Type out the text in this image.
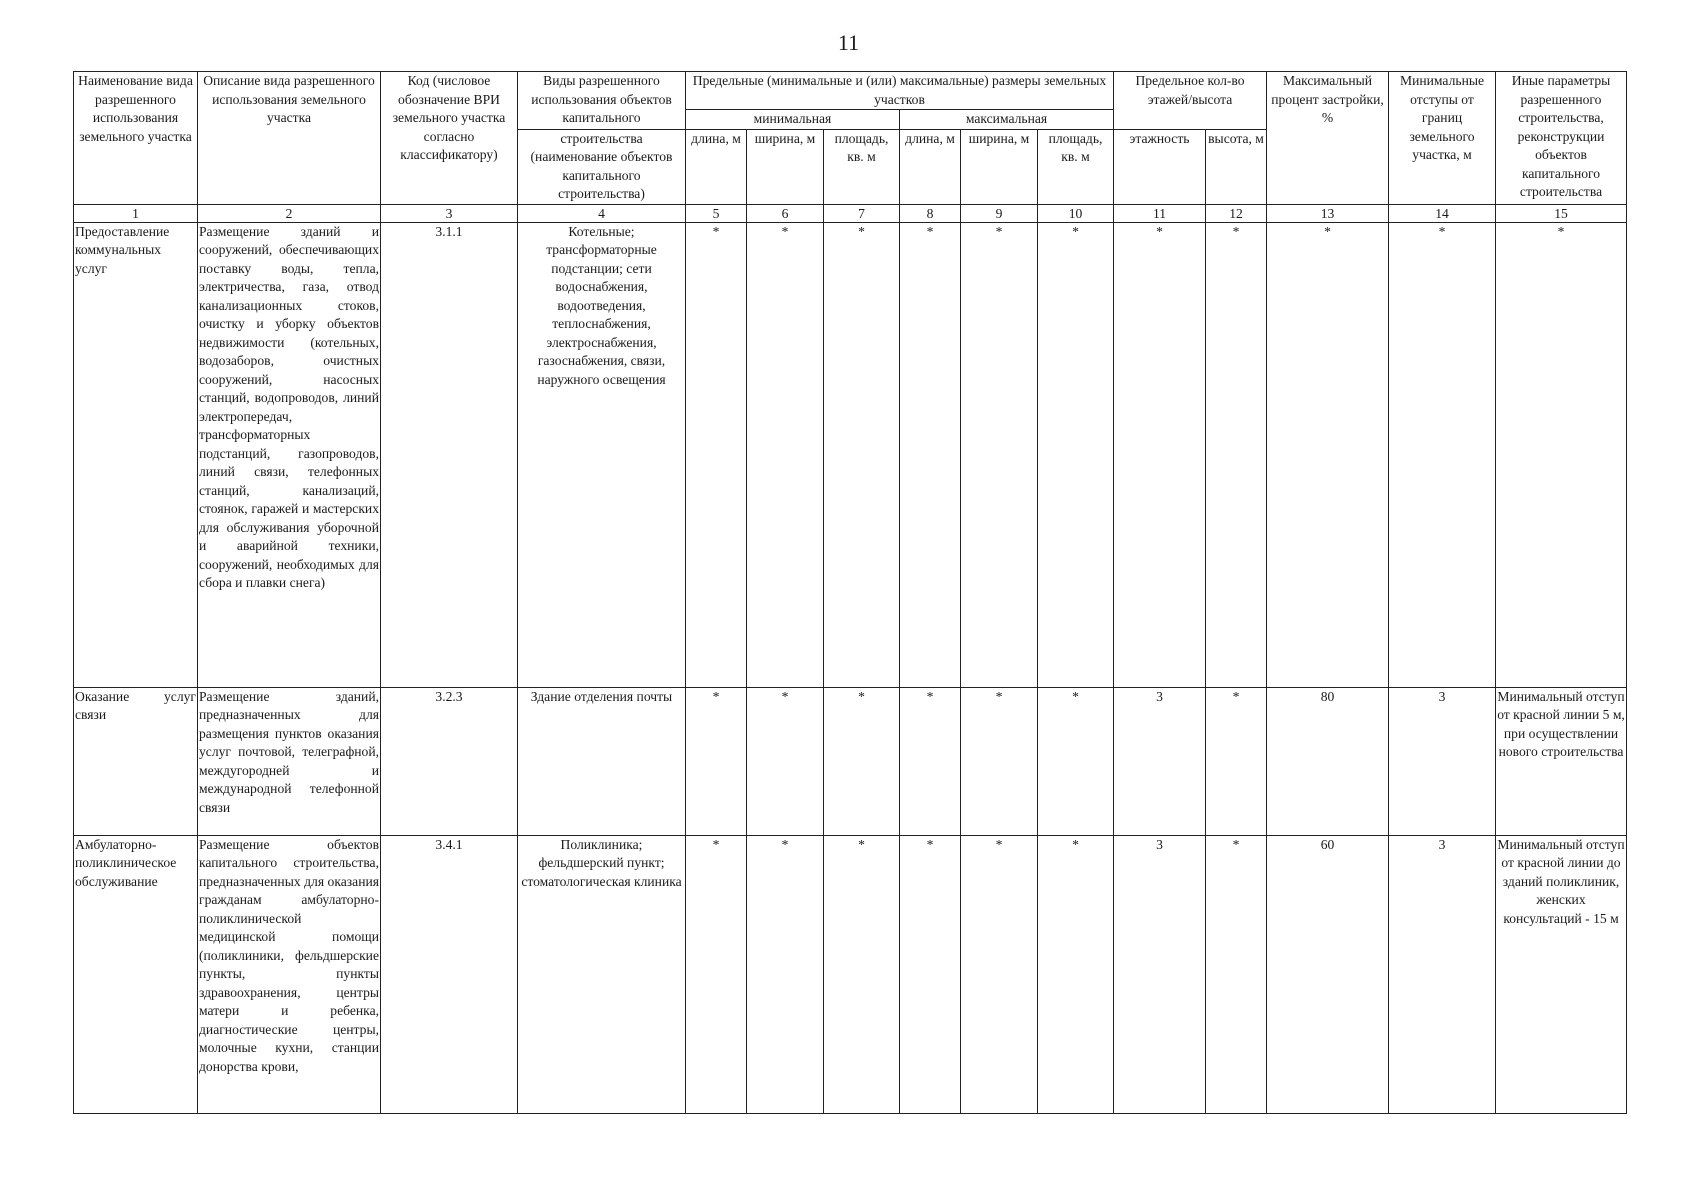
11
Наименование вида разрешенного использования земельного участка	Описание вида разрешенного использования земельного участка	Код (числовое обозначение ВРИ земельного участка согласно классификатору)	Виды разрешенного использования объектов капитального	Предельные (минимальные и (или) максимальные) размеры земельных участков						Предельное кол-во этажей/высота		Максимальный процент застройки, %	Минимальные отступы от границ земельного участка, м	Иные параметры разрешенного строительства, реконструкции объектов капитального строительства
				минимальная			максимальная							
			строительства (наименование объектов капитального строительства)	длина, м	ширина, м	площадь, кв. м	длина, м	ширина, м	площадь, кв. м	этажность	высота, м			
1	2	3	4	5	6	7	8	9	10	11	12	13	14	15
Предоставление коммунальных услуг	Размещение зданий и сооружений, обеспечивающих поставку воды, тепла, электричества, газа, отвод канализационных стоков, очистку и уборку объектов недвижимости (котельных, водозаборов, очистных сооружений, насосных станций, водопроводов, линий электропередач, трансформаторных подстанций, газопроводов, линий связи, телефонных станций, канализаций, стоянок, гаражей и мастерских для обслуживания уборочной и аварийной техники, сооружений, необходимых для сбора и плавки снега)	3.1.1	Котельные; трансформаторные подстанции; сети водоснабжения, водоотведения, теплоснабжения, электроснабжения, газоснабжения, связи, наружного освещения	*	*	*	*	*	*	*	*	*	*	*
Оказание услуг связи	Размещение зданий, предназначенных для размещения пунктов оказания услуг почтовой, телеграфной, междугородней и международной телефонной связи	3.2.3	Здание отделения почты	*	*	*	*	*	*	3	*	80	3	Минимальный отступ от красной линии 5 м, при осуществлении нового строительства
Амбулаторно-поликлиническое обслуживание	Размещение объектов капитального строительства, предназначенных для оказания гражданам амбулаторно-поликлинической медицинской помощи (поликлиники, фельдшерские пункты, пункты здравоохранения, центры матери и ребенка, диагностические центры, молочные кухни, станции донорства крови,	3.4.1	Поликлиника; фельдшерский пункт; стоматологическая клиника	*	*	*	*	*	*	3	*	60	3	Минимальный отступ от красной линии до зданий поликлиник, женских консультаций - 15 м
